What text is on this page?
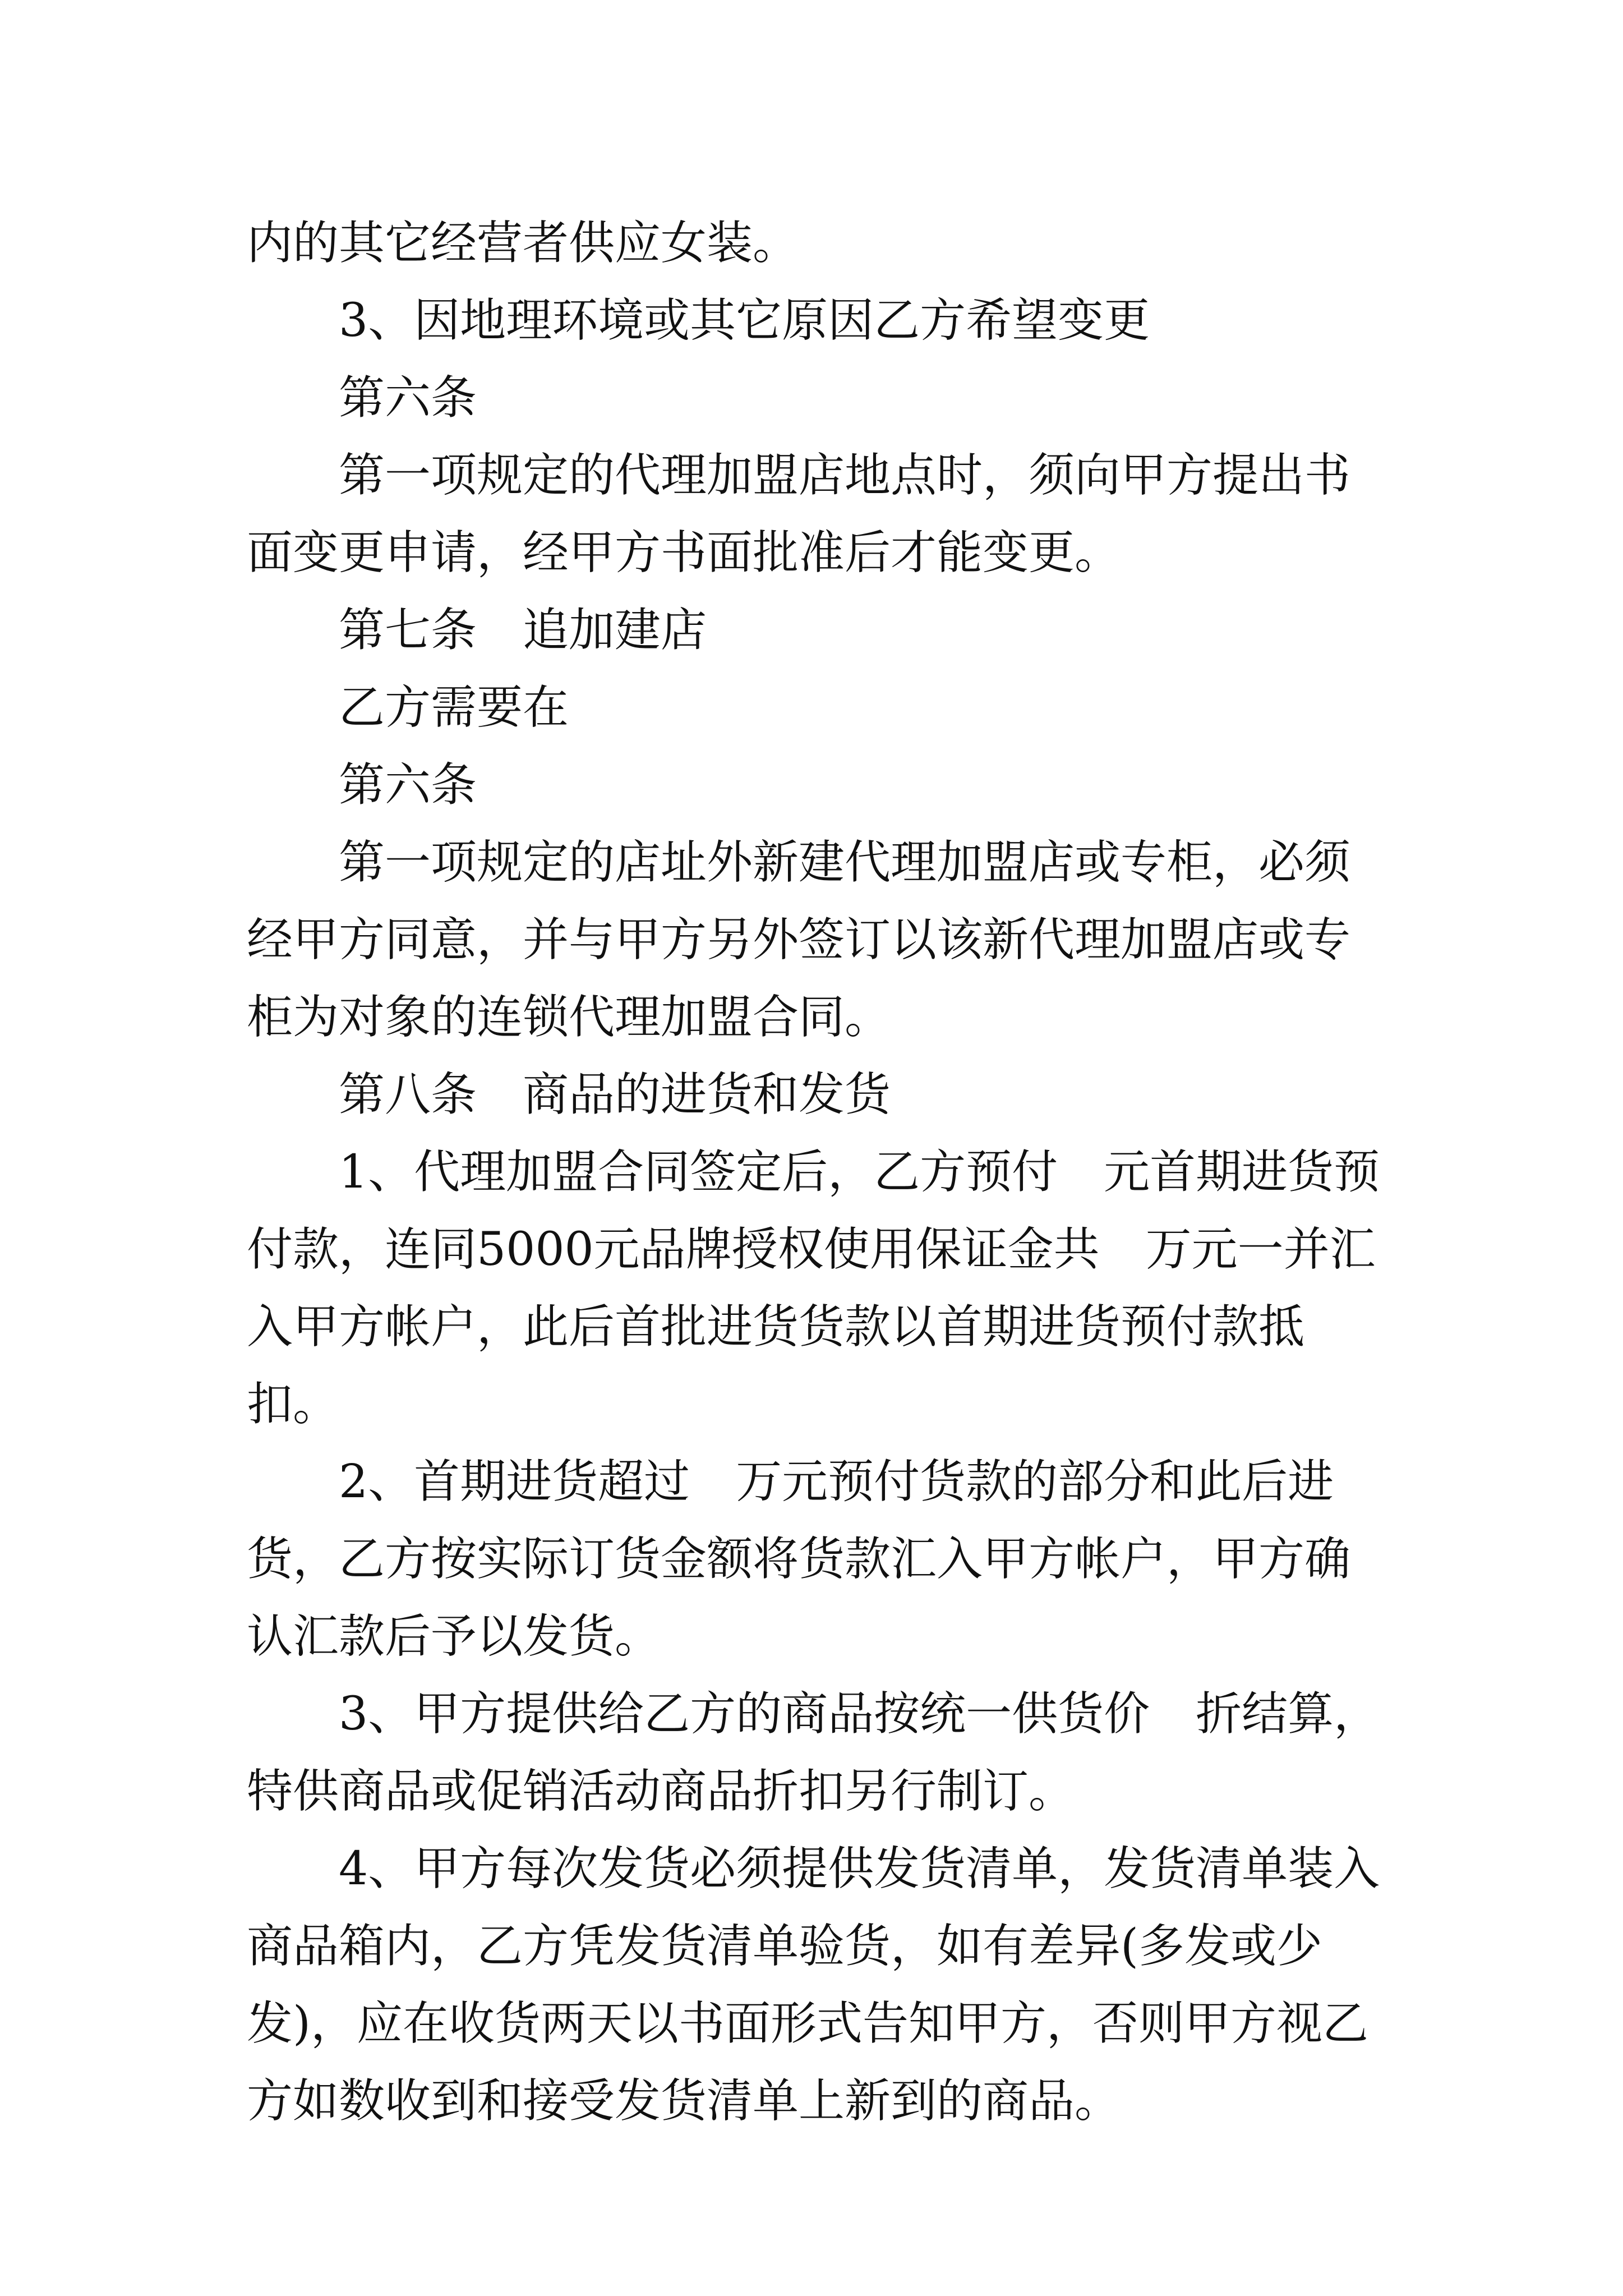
内的其它经营者供应女装。

3、因地理环境或其它原因乙方希望变更

第六条

第一项规定的代理加盟店地点时，须向甲方提出书面变更申请，经甲方书面批准后才能变更。

第七条　追加建店

乙方需要在

第六条

第一项规定的店址外新建代理加盟店或专柜，必须经甲方同意，并与甲方另外签订以该新代理加盟店或专柜为对象的连锁代理加盟合同。

第八条　商品的进货和发货

1、代理加盟合同签定后，乙方预付　元首期进货预付款，连同5000元品牌授权使用保证金共　万元一并汇入甲方帐户，此后首批进货货款以首期进货预付款抵扣。

2、首期进货超过　万元预付货款的部分和此后进货，乙方按实际订货金额将货款汇入甲方帐户，甲方确认汇款后予以发货。

3、甲方提供给乙方的商品按统一供货价　折结算，特供商品或促销活动商品折扣另行制订。

4、甲方每次发货必须提供发货清单，发货清单装入商品箱内，乙方凭发货清单验货，如有差异(多发或少发)，应在收货两天以书面形式告知甲方，否则甲方视乙方如数收到和接受发货清单上新到的商品。
